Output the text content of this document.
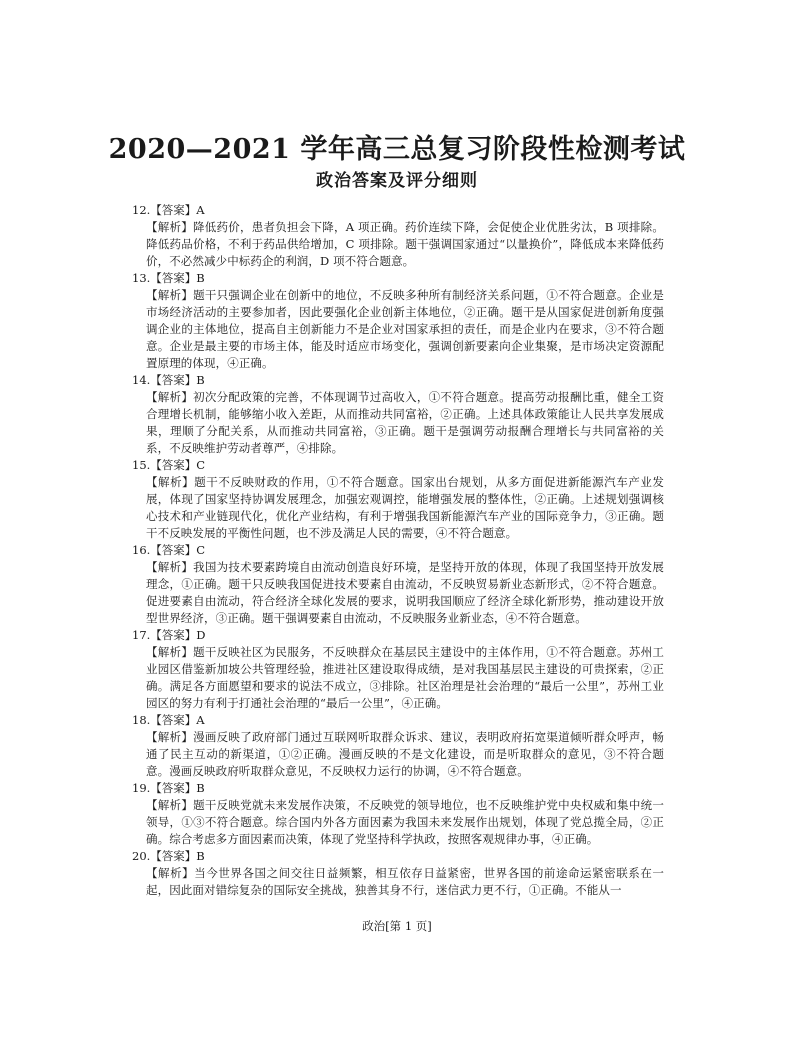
2020—2021 学年高三总复习阶段性检测考试
政治答案及评分细则

12.【答案】A

【解析】降低药价，患者负担会下降，A 项正确。药价连续下降，会促使企业优胜劣汰，B 项排除。降低药品价格，不利于药品供给增加，C 项排除。题干强调国家通过“以量换价”，降低成本来降低药价，不必然减少中标药企的利润，D 项不符合题意。

13.【答案】B

【解析】题干只强调企业在创新中的地位，不反映多种所有制经济关系问题，①不符合题意。企业是市场经济活动的主要参加者，因此要强化企业创新主体地位，②正确。题干是从国家促进创新角度强调企业的主体地位，提高自主创新能力不是企业对国家承担的责任，而是企业内在要求，③不符合题意。企业是最主要的市场主体，能及时适应市场变化，强调创新要素向企业集聚，是市场决定资源配置原理的体现，④正确。

14.【答案】B

【解析】初次分配政策的完善，不体现调节过高收入，①不符合题意。提高劳动报酬比重，健全工资合理增长机制，能够缩小收入差距，从而推动共同富裕，②正确。上述具体政策能让人民共享发展成果，理顺了分配关系，从而推动共同富裕，③正确。题干是强调劳动报酬合理增长与共同富裕的关系，不反映维护劳动者尊严，④排除。

15.【答案】C

【解析】题干不反映财政的作用，①不符合题意。国家出台规划，从多方面促进新能源汽车产业发展，体现了国家坚持协调发展理念，加强宏观调控，能增强发展的整体性，②正确。上述规划强调核心技术和产业链现代化，优化产业结构，有利于增强我国新能源汽车产业的国际竞争力，③正确。题干不反映发展的平衡性问题，也不涉及满足人民的需要，④不符合题意。

16.【答案】C

【解析】我国为技术要素跨境自由流动创造良好环境，是坚持开放的体现，体现了我国坚持开放发展理念，①正确。题干只反映我国促进技术要素自由流动，不反映贸易新业态新形式，②不符合题意。促进要素自由流动，符合经济全球化发展的要求，说明我国顺应了经济全球化新形势，推动建设开放型世界经济，③正确。题干强调要素自由流动，不反映服务业新业态，④不符合题意。

17.【答案】D

【解析】题干反映社区为民服务，不反映群众在基层民主建设中的主体作用，①不符合题意。苏州工业园区借鉴新加坡公共管理经验，推进社区建设取得成绩，是对我国基层民主建设的可贵探索，②正确。满足各方面愿望和要求的说法不成立，③排除。社区治理是社会治理的“最后一公里”，苏州工业园区的努力有利于打通社会治理的“最后一公里”，④正确。

18.【答案】A

【解析】漫画反映了政府部门通过互联网听取群众诉求、建议，表明政府拓宽渠道倾听群众呼声，畅通了民主互动的新渠道，①②正确。漫画反映的不是文化建设，而是听取群众的意见，③不符合题意。漫画反映政府听取群众意见，不反映权力运行的协调，④不符合题意。

19.【答案】B

【解析】题干反映党就未来发展作决策，不反映党的领导地位，也不反映维护党中央权威和集中统一领导，①③不符合题意。综合国内外各方面因素为我国未来发展作出规划，体现了党总揽全局，②正确。综合考虑多方面因素而决策，体现了党坚持科学执政，按照客观规律办事，④正确。

20.【答案】B

【解析】当今世界各国之间交往日益频繁，相互依存日益紧密，世界各国的前途命运紧密联系在一起，因此面对错综复杂的国际安全挑战，独善其身不行，迷信武力更不行，①正确。不能从一

政治[第 1 页]
